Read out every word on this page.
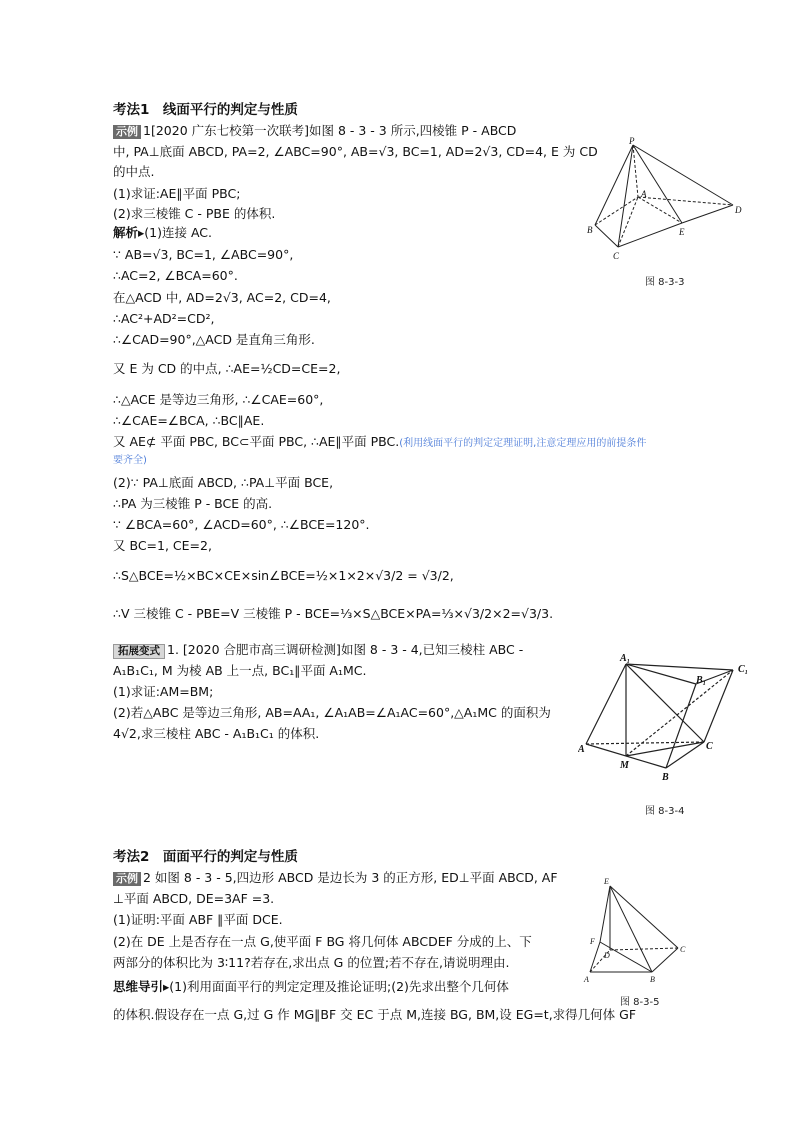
考法1　线面平行的判定与性质
示例 1[2020 广东七校第一次联考]如图 8 - 3 - 3 所示,四棱锥 P - ABCD
中, PA⊥底面 ABCD, PA=2, ∠ABC=90°, AB=√3, BC=1, AD=2√3, CD=4, E 为 CD
的中点.
(1)求证:AE∥平面 PBC;
(2)求三棱锥 C - PBE 的体积.
解析▸(1)连接 AC.
∵ AB=√3, BC=1, ∠ABC=90°,
∴AC=2, ∠BCA=60°.
在△ACD 中, AD=2√3, AC=2, CD=4,
∴AC²+AD²=CD²,
∴∠CAD=90°,△ACD 是直角三角形.
又 E 为 CD 的中点, ∴AE=½CD=CE=2,
∴△ACE 是等边三角形, ∴∠CAE=60°,
∴∠CAE=∠BCA, ∴BC∥AE.
又 AE⊄ 平面 PBC, BC⊂平面 PBC, ∴AE∥平面 PBC.(利用线面平行的判定定理证明,注意定理应用的前提条件
要齐全)
(2)∵ PA⊥底面 ABCD, ∴PA⊥平面 BCE,
∴PA 为三棱锥 P - BCE 的高.
∵ ∠BCA=60°, ∠ACD=60°, ∴∠BCE=120°.
又 BC=1, CE=2,
∴S△BCE=½×BC×CE×sin∠BCE=½×1×2×√3/2 = √3/2,
∴V 三棱锥 C - PBE=V 三棱锥 P - BCE=⅓×S△BCE×PA=⅓×√3/2×2=√3/3.
P
A
B
C
E
D
图 8-3-3
拓展变式 1. [2020 合肥市高三调研检测]如图 8 - 3 - 4,已知三棱柱 ABC -
A₁B₁C₁, M 为棱 AB 上一点, BC₁∥平面 A₁MC.
(1)求证:AM=BM;
(2)若△ABC 是等边三角形, AB=AA₁, ∠A₁AB=∠A₁AC=60°,△A₁MC 的面积为
4√2,求三棱柱 ABC - A₁B₁C₁ 的体积.
A₁
C₁
B₁
A	C
M
B
图 8-3-4
考法2　面面平行的判定与性质
示例 2 如图 8 - 3 - 5,四边形 ABCD 是边长为 3 的正方形, ED⊥平面 ABCD, AF
⊥平面 ABCD, DE=3AF =3.
(1)证明:平面 ABF ∥平面 DCE.
(2)在 DE 上是否存在一点 G,使平面 F BG 将几何体 ABCDEF 分成的上、下
两部分的体积比为 3∶11?若存在,求出点 G 的位置;若不存在,请说明理由.
思维导引▸(1)利用面面平行的判定定理及推论证明;(2)先求出整个几何体
的体积.假设存在一点 G,过 G 作 MG∥BF 交 EC 于点 M,连接 BG, BM,设 EG=t,求得几何体 GF
E
F
D
C
A	B
图 8-3-5
